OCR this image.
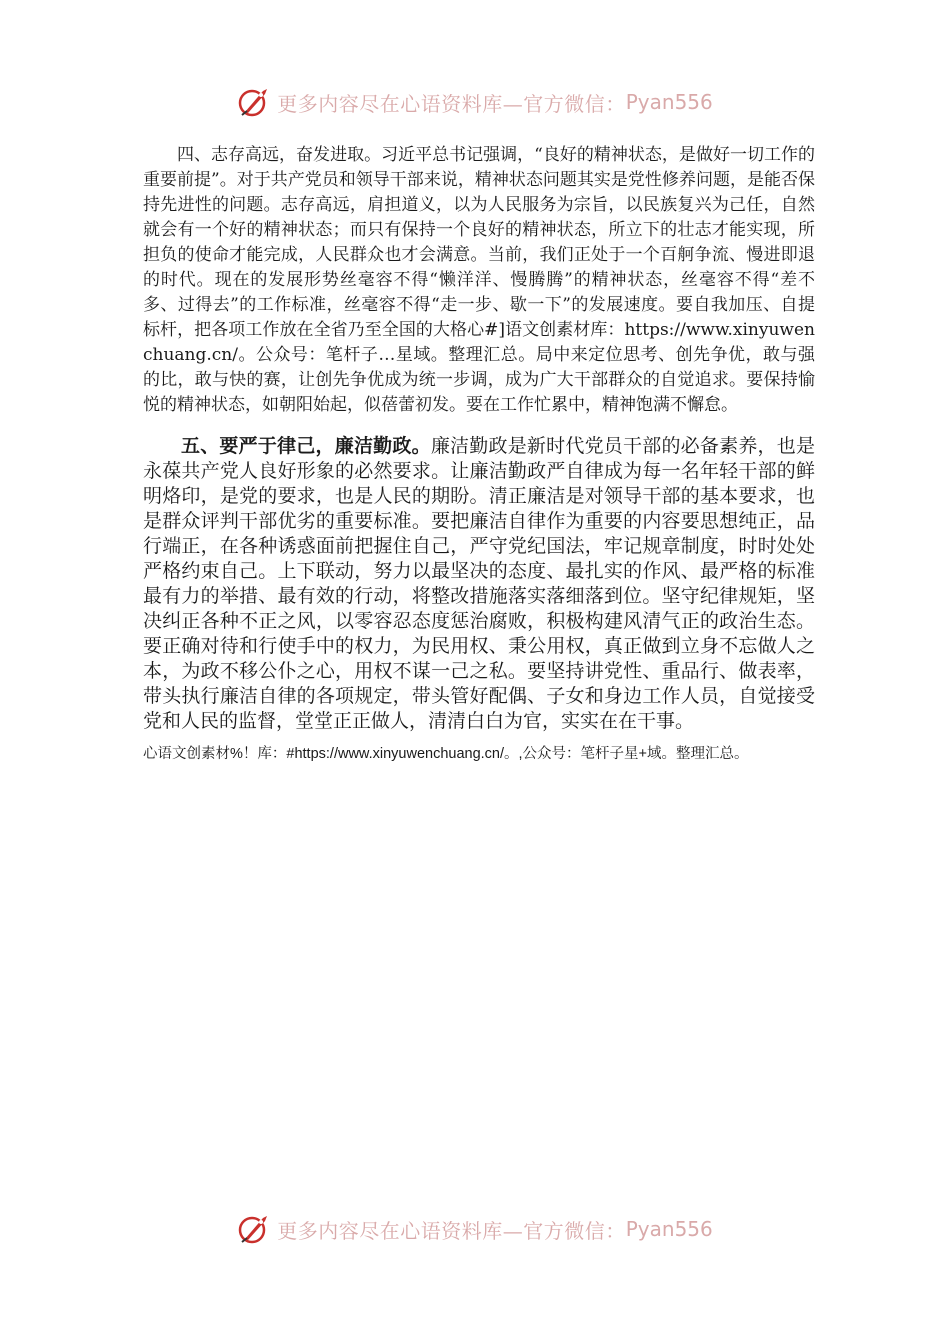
更多内容尽在心语资料库—官方微信： Pyan556

四、志存高远，奋发进取。习近平总书记强调，“良好的精神状态，是做好一切工作的重要前提”。对于共产党员和领导干部来说，精神状态问题其实是党性修养问题，是能否保持先进性的问题。志存高远，肩担道义，以为人民服务为宗旨，以民族复兴为己任，自然就会有一个好的精神状态；而只有保持一个良好的精神状态，所立下的壮志才能实现，所担负的使命才能完成，人民群众也才会满意。当前，我们正处于一个百舸争流、慢进即退的时代。现在的发展形势丝毫容不得“懒洋洋、慢腾腾”的精神状态，丝毫容不得“差不多、过得去”的工作标准，丝毫容不得“走一步、歇一下”的发展速度。要自我加压、自提标杆，把各项工作放在全省乃至全国的大格心#]语文创素材库：https://www.xinyuwenchuang.cn/。公众号：笔杆子…星域。整理汇总。局中来定位思考、创先争优，敢与强的比，敢与快的赛，让创先争优成为统一步调，成为广大干部群众的自觉追求。要保持愉悦的精神状态，如朝阳始起，似蓓蕾初发。要在工作忙累中，精神饱满不懈怠。

五、要严于律己，廉洁勤政。廉洁勤政是新时代党员干部的必备素养，也是永葆共产党人良好形象的必然要求。让廉洁勤政严自律成为每一名年轻干部的鲜明烙印，是党的要求，也是人民的期盼。清正廉洁是对领导干部的基本要求，也是群众评判干部优劣的重要标准。要把廉洁自律作为重要的内容要思想纯正，品行端正，在各种诱惑面前把握住自己，严守党纪国法，牢记规章制度，时时处处严格约束自己。上下联动，努力以最坚决的态度、最扎实的作风、最严格的标准最有力的举措、最有效的行动，将整改措施落实落细落到位。坚守纪律规矩，坚决纠正各种不正之风，以零容忍态度惩治腐败，积极构建风清气正的政治生态。要正确对待和行使手中的权力，为民用权、秉公用权，真正做到立身不忘做人之本，为政不移公仆之心，用权不谋一己之私。要坚持讲党性、重品行、做表率，带头执行廉洁自律的各项规定，带头管好配偶、子女和身边工作人员，自觉接受党和人民的监督，堂堂正正做人，清清白白为官，实实在在干事。

心语文创素材%！库：#https://www.xinyuwenchuang.cn/。,公众号：笔杆子星+域。整理汇总。

更多内容尽在心语资料库—官方微信： Pyan556
